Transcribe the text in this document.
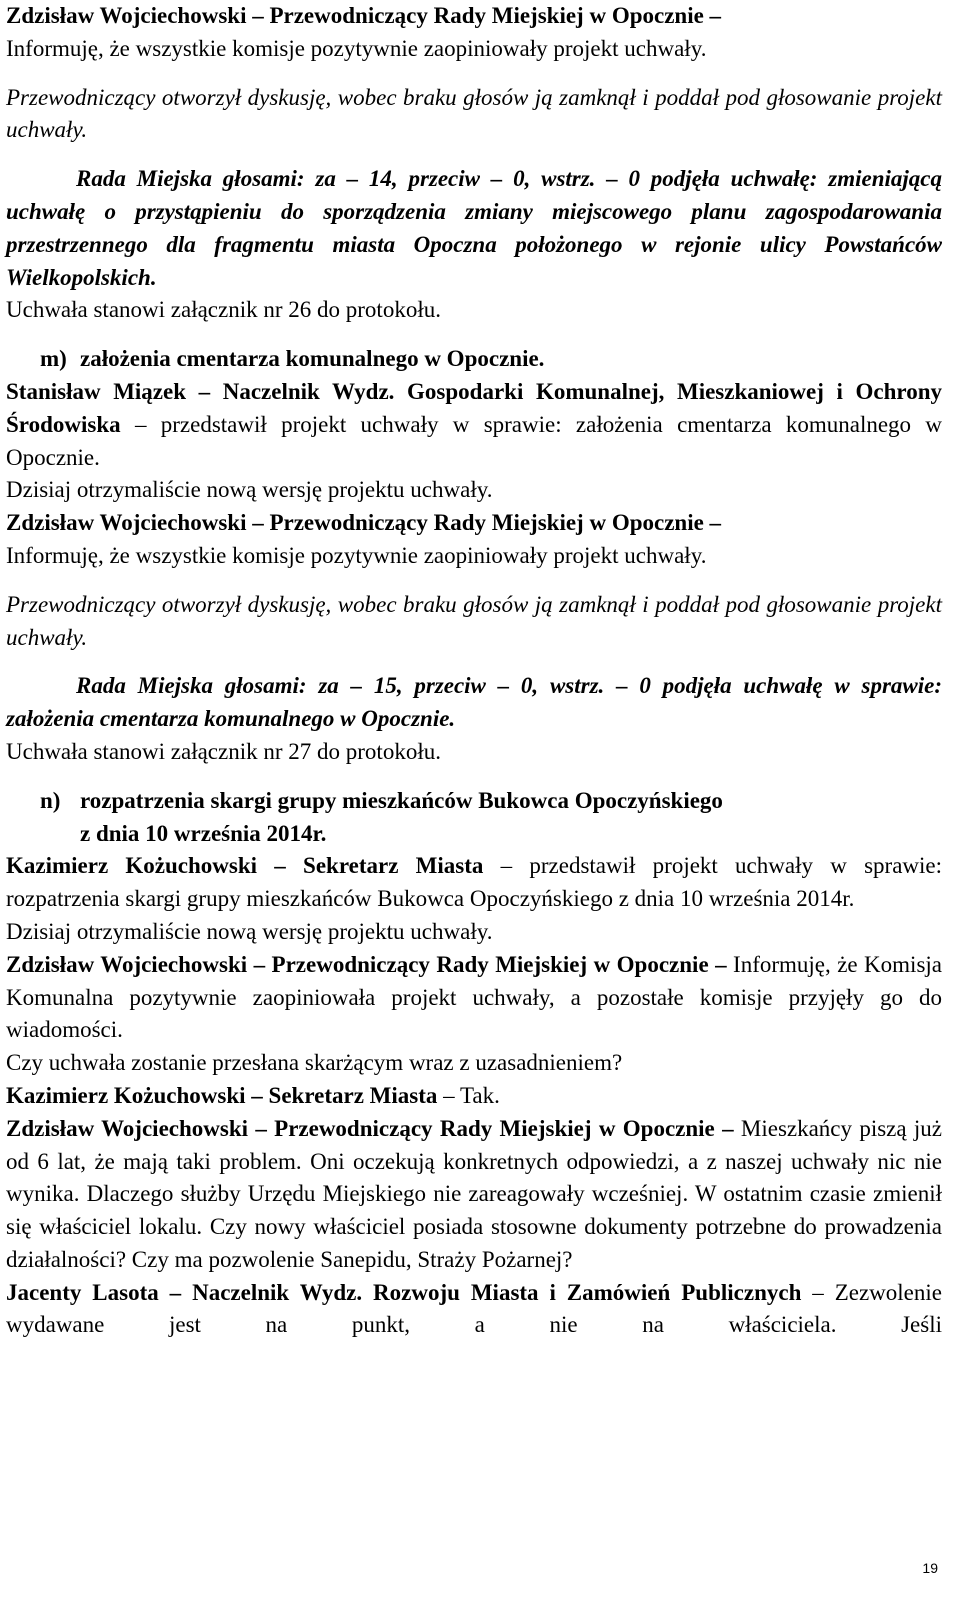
Zdzisław Wojciechowski – Przewodniczący Rady Miejskiej w Opocznie –
Informuję, że wszystkie komisje pozytywnie zaopiniowały projekt uchwały.

Przewodniczący otworzył dyskusję, wobec braku głosów ją zamknął i poddał pod głosowanie projekt uchwały.

Rada Miejska głosami: za – 14, przeciw – 0, wstrz. – 0 podjęła uchwałę: zmieniającą uchwałę o przystąpieniu do sporządzenia zmiany miejscowego planu zagospodarowania przestrzennego dla fragmentu miasta Opoczna położonego w rejonie ulicy Powstańców Wielkopolskich.

Uchwała stanowi załącznik nr 26 do protokołu.

m) założenia cmentarza komunalnego w Opocznie.

Stanisław Miązek – Naczelnik Wydz. Gospodarki Komunalnej, Mieszkaniowej i Ochrony Środowiska – przedstawił projekt uchwały w sprawie: założenia cmentarza komunalnego w Opocznie.

Dzisiaj otrzymaliście nową wersję projektu uchwały.

Zdzisław Wojciechowski – Przewodniczący Rady Miejskiej w Opocznie –
Informuję, że wszystkie komisje pozytywnie zaopiniowały projekt uchwały.

Przewodniczący otworzył dyskusję, wobec braku głosów ją zamknął i poddał pod głosowanie projekt uchwały.

Rada Miejska głosami: za – 15, przeciw – 0, wstrz. – 0 podjęła uchwałę w sprawie: założenia cmentarza komunalnego w Opocznie.

Uchwała stanowi załącznik nr 27 do protokołu.

n) rozpatrzenia skargi grupy mieszkańców Bukowca Opoczyńskiego
z dnia 10 września 2014r.

Kazimierz Kożuchowski – Sekretarz Miasta – przedstawił projekt uchwały w sprawie: rozpatrzenia skargi grupy mieszkańców Bukowca Opoczyńskiego z dnia 10 września 2014r.

Dzisiaj otrzymaliście nową wersję projektu uchwały.

Zdzisław Wojciechowski – Przewodniczący Rady Miejskiej w Opocznie – Informuję, że Komisja Komunalna pozytywnie zaopiniowała projekt uchwały, a pozostałe komisje przyjęły go do wiadomości.

Czy uchwała zostanie przesłana skarżącym wraz z uzasadnieniem?

Kazimierz Kożuchowski – Sekretarz Miasta – Tak.

Zdzisław Wojciechowski – Przewodniczący Rady Miejskiej w Opocznie – Mieszkańcy piszą już od 6 lat, że mają taki problem. Oni oczekują konkretnych odpowiedzi, a z naszej uchwały nic nie wynika. Dlaczego służby Urzędu Miejskiego nie zareagowały wcześniej. W ostatnim czasie zmienił się właściciel lokalu. Czy nowy właściciel posiada stosowne dokumenty potrzebne do prowadzenia działalności? Czy ma pozwolenie Sanepidu, Straży Pożarnej?

Jacenty Lasota – Naczelnik Wydz. Rozwoju Miasta i Zamówień Publicznych – Zezwolenie wydawane jest na punkt, a nie na właściciela. Jeśli

19
